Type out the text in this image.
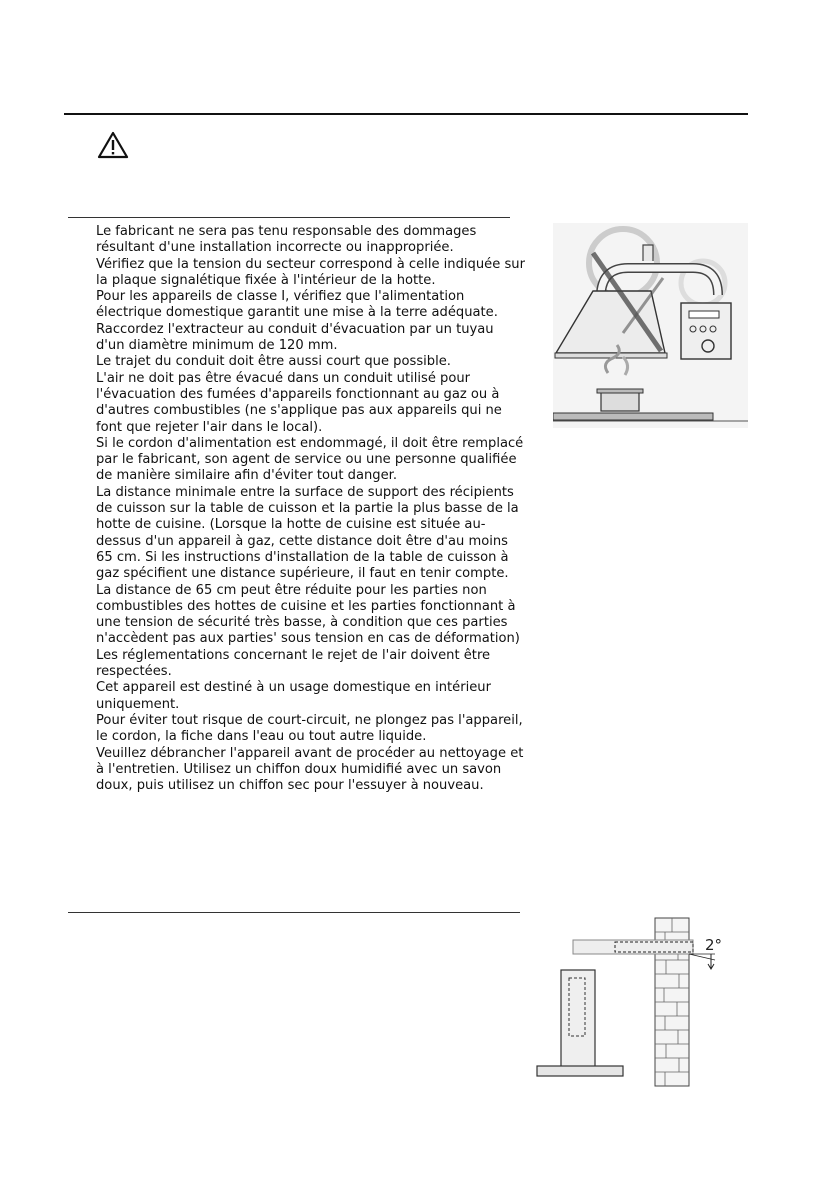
Le fabricant ne sera pas tenu responsable des dommages résultant d'une installation incorrecte ou inappropriée.

Vérifiez que la tension du secteur correspond à celle indiquée sur la plaque signalétique fixée à l'intérieur de la hotte.

Pour les appareils de classe I, vérifiez que l'alimentation électrique domestique garantit une mise à la terre adéquate.

Raccordez l'extracteur au conduit d'évacuation par un tuyau d'un diamètre minimum de 120 mm.

Le trajet du conduit doit être aussi court que possible.

L'air ne doit pas être évacué dans un conduit utilisé pour l'évacuation des fumées d'appareils fonctionnant au gaz ou à d'autres combustibles (ne s'applique pas aux appareils qui ne font que rejeter l'air dans le local).

Si le cordon d'alimentation est endommagé, il doit être remplacé par le fabricant, son agent de service ou une personne qualifiée de manière similaire afin d'éviter tout danger.

La distance minimale entre la surface de support des récipients de cuisson sur la table de cuisson et la partie la plus basse de la hotte de cuisine. (Lorsque la hotte de cuisine est située au-dessus d'un appareil à gaz, cette distance doit être d'au moins 65 cm. Si les instructions d'installation de la table de cuisson à gaz spécifient une distance supérieure, il faut en tenir compte. La distance de 65 cm peut être réduite pour les parties non combustibles des hottes de cuisine et les parties fonctionnant à une tension de sécurité très basse, à condition que ces parties n'accèdent pas aux parties' sous tension en cas de déformation)

Les réglementations concernant le rejet de l'air doivent être respectées.

Cet appareil est destiné à un usage domestique en intérieur uniquement.

Pour éviter tout risque de court-circuit, ne plongez pas l'appareil, le cordon, la fiche dans l'eau ou tout autre liquide.

Veuillez débrancher l'appareil avant de procéder au nettoyage et à l'entretien. Utilisez un chiffon doux humidifié avec un savon doux, puis utilisez un chiffon sec pour l'essuyer à nouveau.

2°
